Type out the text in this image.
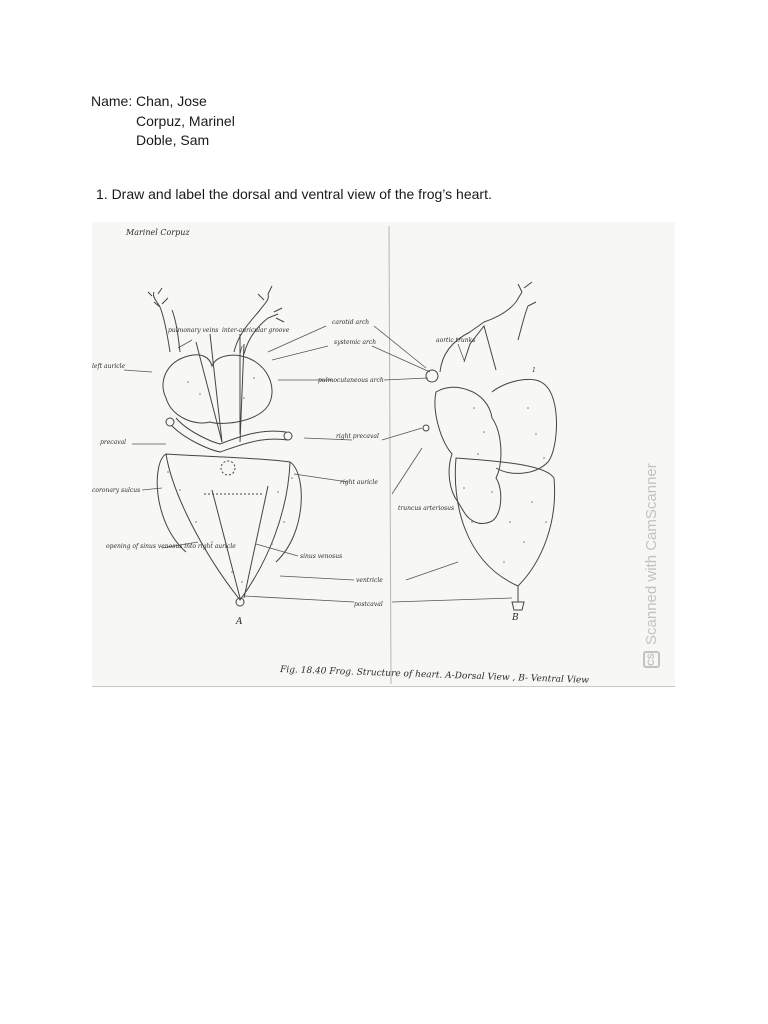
Name: Chan, Jose
Corpuz, Marinel
Doble, Sam
1. Draw and label the dorsal and ventral view of the frog’s heart.
Marinel Corpuz
pulmonary veins inter-auricular groove
left auricle
carotid arch
systemic arch
pulmocutaneous arch
aortic trunks
precaval
right precaval
right auricle
coronary sulcus
truncus arteriosus
opening of sinus venosus into right auricle
sinus venosus
ventricle
postcaval
1
A	B
Fig. 18.40 Frog. Structure of heart. A-Dorsal View , B- Ventral View
CS
Scanned with CamScanner
